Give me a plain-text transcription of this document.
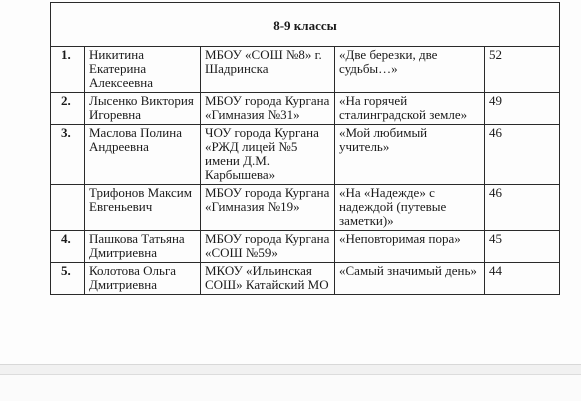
8-9 классы				
1.	Никитина Екатерина Алексеевна	МБОУ «СОШ №8» г. Шадринска	«Две березки, две судьбы…»	52
2.	Лысенко Виктория Игоревна	МБОУ города Кургана «Гимназия №31»	«На горячей сталинградской земле»	49
3.	Маслова Полина Андреевна	ЧОУ города Кургана «РЖД лицей №5 имени Д.М. Карбышева»	«Мой любимый учитель»	46
	Трифонов Максим Евгеньевич	МБОУ города Кургана «Гимназия №19»	«На «Надежде» с надеждой (путевые заметки)»	46
4.	Пашкова Татьяна Дмитриевна	МБОУ города Кургана «СОШ №59»	«Неповторимая пора»	45
5.	Колотова Ольга Дмитриевна	МКОУ «Ильинская СОШ» Катайский МО	«Самый значимый день»	44
